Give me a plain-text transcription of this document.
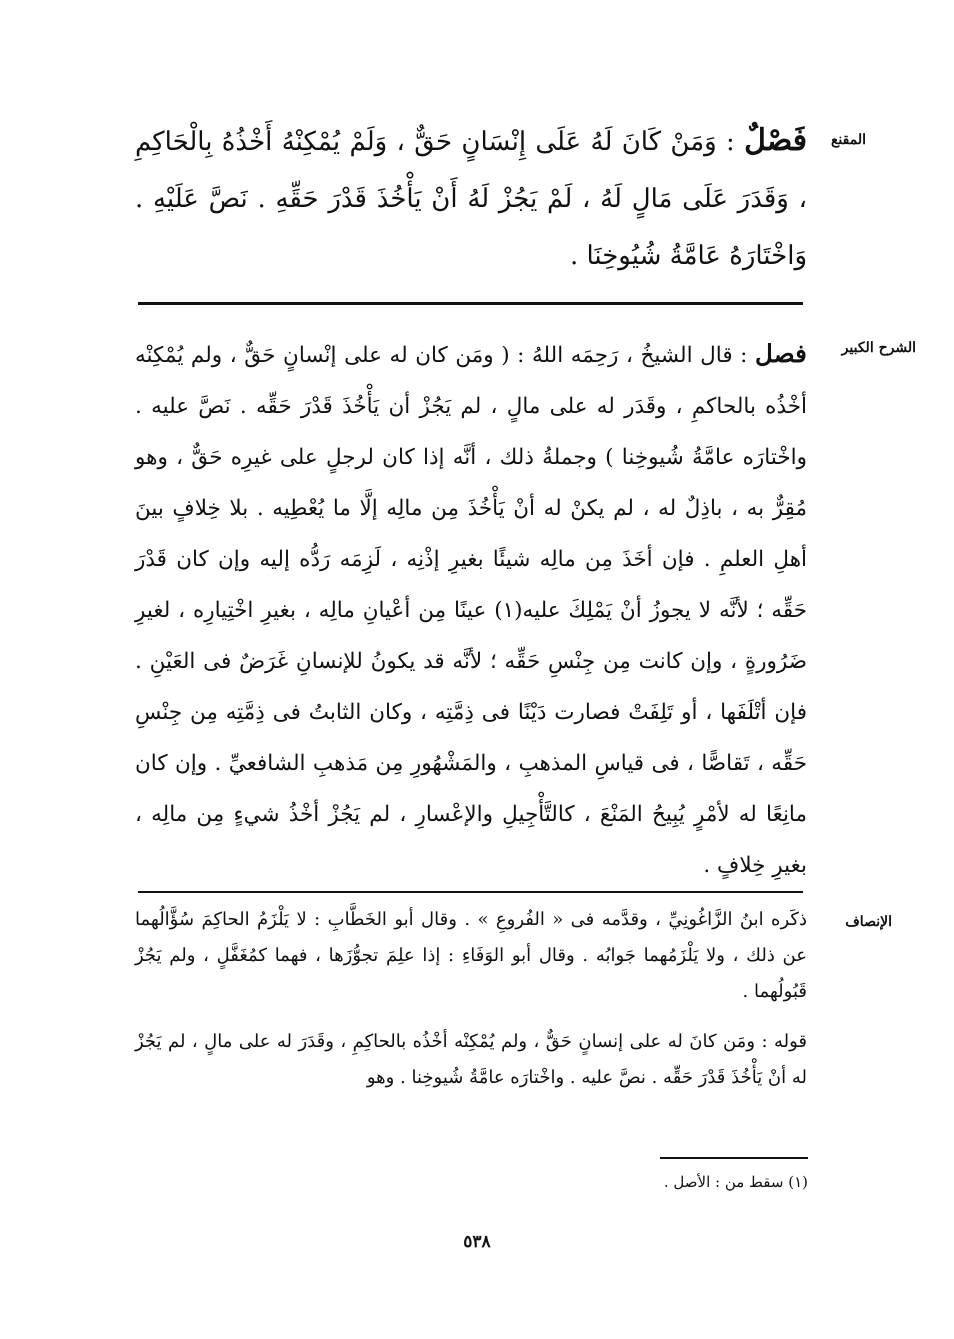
المقنع
فَصْلٌ : وَمَنْ كَانَ لَهُ عَلَى إِنْسَانٍ حَقٌّ ، وَلَمْ يُمْكِنْهُ أَخْذُهُ بِالْحَاكِمِ ، وَقَدَرَ عَلَى مَالٍ لَهُ ، لَمْ يَجُزْ لَهُ أَنْ يَأْخُذَ قَدْرَ حَقِّهِ . نَصَّ عَلَيْهِ . وَاخْتَارَهُ عَامَّةُ شُيُوخِنَا .
الشرح الكبير
فصل : قال الشيخُ ، رَحِمَه اللهُ : ( ومَن كان له على إنْسانٍ حَقٌّ ، ولم يُمْكِنْه أخْذُه بالحاكمِ ، وقَدَر له على مالٍ ، لم يَجُزْ أن يَأْخُذَ قَدْرَ حَقِّه . نَصَّ عليه . واخْتارَه عامَّةُ شُيوخِنا ) وجملةُ ذلك ، أنَّه إذا كان لرجلٍ على غيرِه حَقٌّ ، وهو مُقِرٌّ به ، باذِلٌ له ، لم يكنْ له أنْ يَأْخُذَ مِن مالِه إلَّا ما يُعْطِيه . بلا خِلافٍ بينَ أهلِ العلمِ . فإن أخَذَ مِن مالِه شيئًا بغيرِ إذْنِه ، لَزِمَه رَدُّه إليه وإن كان قَدْرَ حَقِّه ؛ لأنَّه لا يجوزُ أنْ يَمْلِكَ عليه(١) عينًا مِن أعْيانِ مالِه ، بغيرِ اخْتِيارِه ، لغيرِ ضَرُورةٍ ، وإن كانت مِن جِنْسِ حَقِّه ؛ لأنَّه قد يكونُ للإنسانِ غَرَضٌ فى العَيْنِ . فإن أتْلَفَها ، أو تَلِفَتْ فصارت دَيْنًا فى ذِمَّتِه ، وكان الثابتُ فى ذِمَّتِه مِن جِنْسِ حَقِّه ، تَقاصًّا ، فى قياسِ المذهبِ ، والمَشْهُورِ مِن مَذهبِ الشافعيِّ . وإن كان مانِعًا له لأمْرٍ يُبِيحُ المَنْعَ ، كالتَّأْجِيلِ والإعْسارِ ، لم يَجُزْ أخْذُ شيءٍ مِن مالِه ، بغيرِ خِلافٍ .
الإنصاف

ذكَره ابنُ الزَّاغُونِيِّ ، وقدَّمه فى « الفُروعِ » . وقال أبو الخَطَّابِ : لا يَلْزَمُ الحاكِمَ سُؤَّالُهما عن ذلك ، ولا يَلْزَمُهما جَوابُه . وقال أبو الوَفَاءِ : إذا علِمَ تجوُّزَها ، فهما كمُغَفَّلٍ ، ولم يَجُزْ قَبُولُهما .

قوله : ومَن كانَ له على إنسانٍ حَقٌّ ، ولم يُمْكِنْه أخْذُه بالحاكِمِ ، وقَدَرَ له على مالٍ ، لم يَجُزْ له أنْ يَأْخُذَ قَدْرَ حَقِّه . نصَّ عليه . واخْتارَه عامَّةُ شُيوخِنا . وهو

(١) سقط من : الأصل .
٥٣٨
